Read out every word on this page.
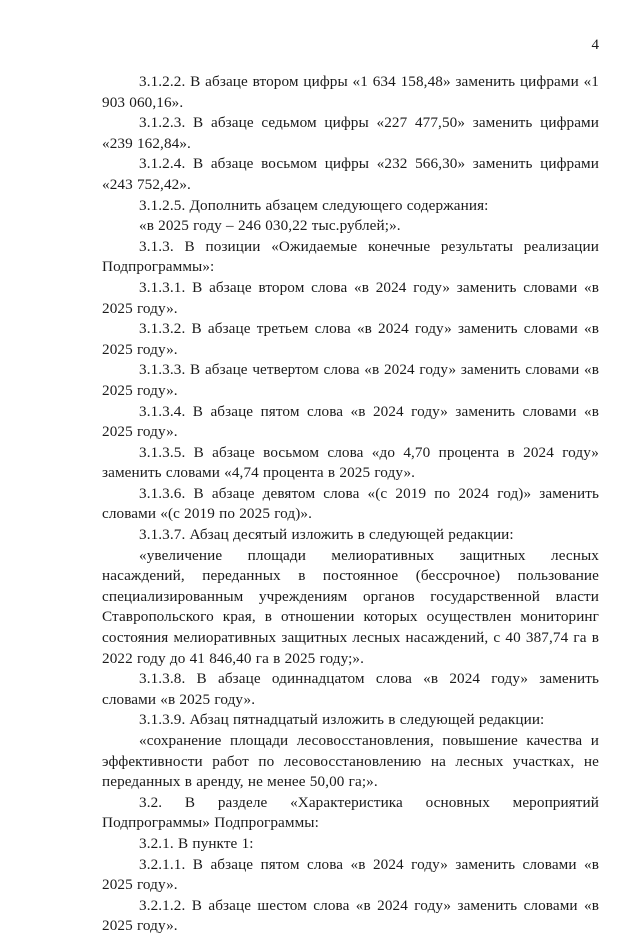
4

3.1.2.2. В абзаце втором цифры «1 634 158,48» заменить цифрами «1 903 060,16».

3.1.2.3. В абзаце седьмом цифры «227 477,50» заменить цифрами «239 162,84».

3.1.2.4. В абзаце восьмом цифры «232 566,30» заменить цифрами «243 752,42».

3.1.2.5. Дополнить абзацем следующего содержания:

«в 2025 году – 246 030,22 тыс.рублей;».

3.1.3. В позиции «Ожидаемые конечные результаты реализации Подпрограммы»:

3.1.3.1. В абзаце втором слова «в 2024 году» заменить словами «в 2025 году».

3.1.3.2. В абзаце третьем слова «в 2024 году» заменить словами «в 2025 году».

3.1.3.3. В абзаце четвертом слова «в 2024 году» заменить словами «в 2025 году».

3.1.3.4. В абзаце пятом слова «в 2024 году» заменить словами «в 2025 году».

3.1.3.5. В абзаце восьмом слова «до 4,70 процента в 2024 году» заменить словами «4,74 процента в 2025 году».

3.1.3.6. В абзаце девятом слова «(с 2019 по 2024 год)» заменить словами «(с 2019 по 2025 год)».

3.1.3.7. Абзац десятый изложить в следующей редакции:

«увеличение площади мелиоративных защитных лесных насаждений, переданных в постоянное (бессрочное) пользование специализированным учреждениям органов государственной власти Ставропольского края, в отношении которых осуществлен мониторинг состояния мелиоративных защитных лесных насаждений, с 40 387,74 га в 2022 году до 41 846,40 га в 2025 году;».

3.1.3.8. В абзаце одиннадцатом слова «в 2024 году» заменить словами «в 2025 году».

3.1.3.9. Абзац пятнадцатый изложить в следующей редакции:

«сохранение площади лесовосстановления, повышение качества и эффективности работ по лесовосстановлению на лесных участках, не переданных в аренду, не менее 50,00 га;».

3.2. В разделе «Характеристика основных мероприятий Подпрограммы» Подпрограммы:

3.2.1. В пункте 1:

3.2.1.1. В абзаце пятом слова «в 2024 году» заменить словами «в 2025 году».

3.2.1.2. В абзаце шестом слова «в 2024 году» заменить словами «в 2025 году».
